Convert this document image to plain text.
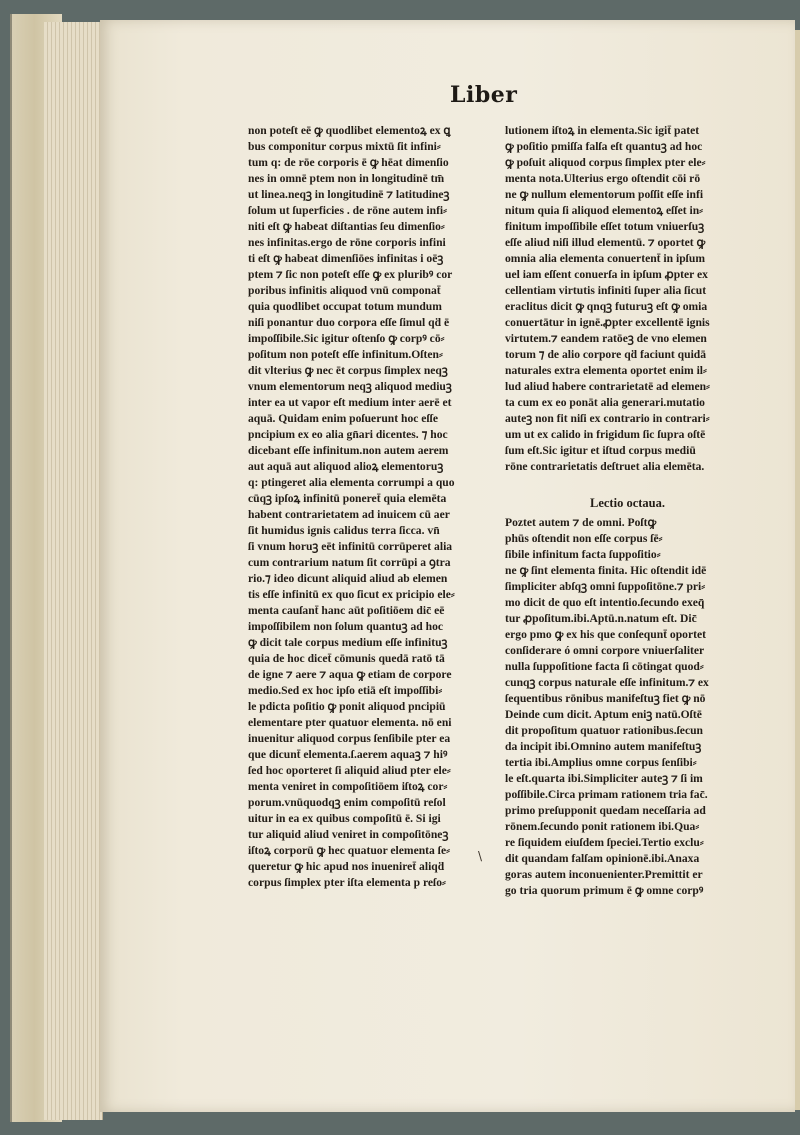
Liber
non poteſt eē ꝙ quodlibet elementoꝝ ex ꝗ
bus componitur corpus mixtū ſit infini⸗
tum q: de rōe corporis ē ꝙ hēat dimenſio
nes in omnē ptem non in longitudinē tm̄
ut linea.neqꝫ in longitudinē ⁊ latitudineꝫ
ſolum ut ſuperficies . de rōne autem infi⸗
niti eſt ꝙ habeat diſtantias ſeu dimenſio⸗
nes infinitas.ergo de rōne corporis infini
ti eſt ꝙ habeat dimenſiōes infinitas i oēꝫ
ptem ⁊ ſic non poteſt eſſe ꝙ ex pluribꝰ cor
poribus infinitis aliquod vnū componat̄
quia quodlibet occupat totum mundum
niſi ponantur duo corpora eſſe ſimul qḋ ē
impoſſibile.Sic igitur oſtenſo ꝙ corpꝰ cō⸗
poſitum non poteſt eſſe infinitum.Oſten⸗
dit vlterius ꝙ nec ēt corpus ſimplex neqꝫ
vnum elementorum neqꝫ aliquod mediuꝫ
inter ea ut vapor eſt medium inter aerē et
aquā. Quidam enim poſuerunt hoc eſſe
pncipium ex eo alia gn̄ari dicentes. ⁊ hoc
dicebant eſſe infinitum.non autem aerem
aut aquā aut aliquod alioꝝ elementoruꝫ
q: ptingeret alia elementa corrumpi a quo
cūqꝫ ipſoꝝ infinitū poneret̄ quia elemēta
habent contrarietatem ad inuicem cū aer
ſit humidus ignis calidus terra ſicca. vn̄
ſi vnum horuꝫ eēt infinitū corrūperet alia
cum contrarium natum ſit corrūpi a ꝯtra
rio.⁊ ideo dicunt aliquid aliud ab elemen
tis eſſe infinitū ex quo ſicut ex pricipio ele⸗
menta cauſant̄ hanc aūt poſitiōem dic̄ eē
impoſſibilem non ſolum quantuꝫ ad hoc
ꝙ dicit tale corpus medium eſſe infinituꝫ
quia de hoc dicet̄ cōmunis quedā ratō tā
de igne ⁊ aere ⁊ aqua ꝙ etiam de corpore
medio.Sed ex hoc ipſo etiā eſt impoſſibi⸗
le pdicta poſitio ꝙ ponit aliquod pncipiū
elementare pter quatuor elementa. nō eni
inuenitur aliquod corpus ſenſibile pter ea
que dicunt̄ elementa.ſ.aerem aquaꝫ ⁊ hiꝰ
ſed hoc oporteret ſi aliquid aliud pter ele⸗
menta veniret in compoſitiōem iſtoꝝ cor⸗
porum.vnūquodqꝫ enim compoſitū reſol
uitur in ea ex quibus compoſitū ē. Si igi
tur aliquid aliud veniret in compoſitōneꝫ
iſtoꝝ corporū ꝙ hec quatuor elementa ſe⸗
queretur ꝙ hic apud nos inueniret̄ aliqḋ
corpus ſimplex pter iſta elementa p reſo⸗
lutionem iſtoꝝ in elementa.Sic igit̄ patet
ꝙ poſitio pmiſſa falſa eſt quantuꝫ ad hoc
ꝙ poſuit aliquod corpus ſimplex pter ele⸗
menta nota.Ulterius ergo oſtendit cōi rō
ne ꝙ nullum elementorum poſſit eſſe infi
nitum quia ſi aliquod elementoꝝ eſſet in⸗
finitum impoſſibile eſſet totum vniuerſuꝫ
eſſe aliud niſi illud elementū. ⁊ oportet ꝙ
omnia alia elementa conuertent̄ in ipſum
uel iam eſſent conuerſa in ipſum ꝓpter ex
cellentiam virtutis infiniti ſuper alia ſicut
eraclitus dicit ꝙ qnqꝫ futuruꝫ eſt ꝙ omia
conuertātur in ignē.ꝓpter excellentē ignis
virtutem.⁊ eandem ratōeꝫ de vno elemen
torum ⁊ de alio corpore qḋ faciunt quidā
naturales extra elementa oportet enim il⸗
lud aliud habere contrarietatē ad elemen⸗
ta cum ex eo ponāt alia generari.mutatio
auteꝫ non fit niſi ex contrario in contrari⸗
um ut ex calido in frigidum ſic ſupra oſtē
ſum eſt.Sic igitur et iſtud corpus mediū
rōne contrarietatis deſtruet alia elemēta.
Lectio octaua.
Poztet autem ⁊ de omni. Poſtꝙ
phūs oſtendit non eſſe corpus ſē⸗
ſibile infinitum facta ſuppoſitio⸗
ne ꝙ ſint elementa finita. Hic oſtendit idē
ſimpliciter abſqꝫ omni ſuppoſitōne.⁊ pri⸗
mo dicit de quo eſt intentio.ſecundo exeq̄
tur ꝓpoſitum.ibi.Aptū.n.natum eſt. Dic̄
ergo pmo ꝙ ex his que conſequnt̄ oportet
conſiderare ó omni corpore vniuerſaliter
nulla ſuppoſitione facta ſi cōtingat quod⸗
cunqꝫ corpus naturale eſſe infinitum.⁊ ex
ſequentibus rōnibus manifeſtuꝫ fiet ꝙ nō
Deinde cum dicit. Aptum eniꝫ natū.Oſtē
dit propoſitum quatuor rationibus.ſecun
da incipit ibi.Omnino autem manifeſtuꝫ
tertia ibi.Amplius omne corpus ſenſibi⸗
le eſt.quarta ibi.Simpliciter auteꝫ ⁊ ſi im
poſſibile.Circa primam rationem tria fac̄.
primo preſupponit quedam neceſſaria ad
rōnem.ſecundo ponit rationem ibi.Qua⸗
re ſiquidem eiuſdem ſpeciei.Tertio exclu⸗
dit quandam falſam opinionē.ibi.Anaxa
goras autem inconuenienter.Premittit er
go tria quorum primum ē ꝙ omne corpꝰ
\
